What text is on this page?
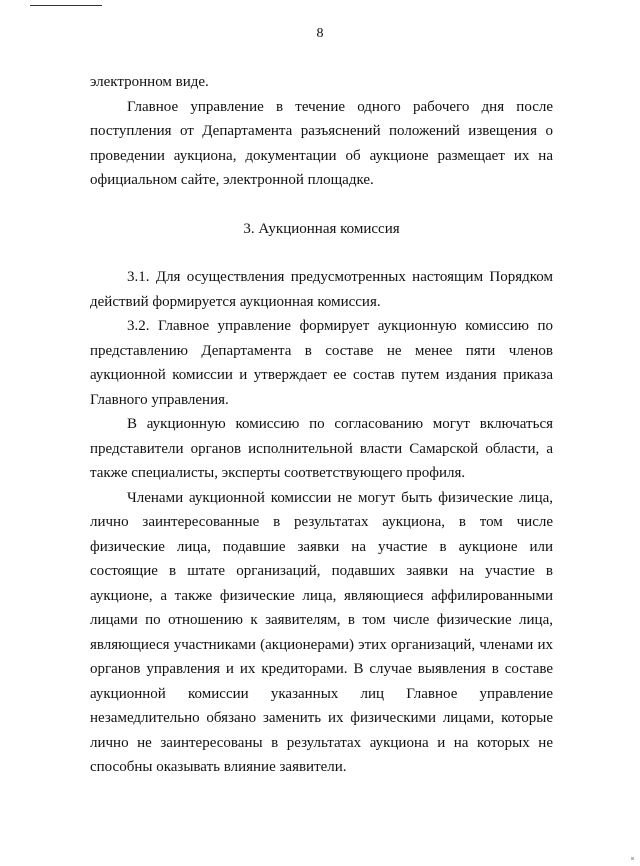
8

электронном виде.

Главное управление в течение одного рабочего дня после поступления от Департамента разъяснений положений извещения о проведении аукциона, документации об аукционе размещает их на официальном сайте, электронной площадке.

3. Аукционная комиссия

3.1. Для осуществления предусмотренных настоящим Порядком действий формируется аукционная комиссия.

3.2. Главное управление формирует аукционную комиссию по представлению Департамента в составе не менее пяти членов аукционной комиссии и утверждает ее состав путем издания приказа Главного управления.

В аукционную комиссию по согласованию могут включаться представители органов исполнительной власти Самарской области, а также специалисты, эксперты соответствующего профиля.

Членами аукционной комиссии не могут быть физические лица, лично заинтересованные в результатах аукциона, в том числе физические лица, подавшие заявки на участие в аукционе или состоящие в штате организаций, подавших заявки на участие в аукционе, а также физические лица, являющиеся аффилированными лицами по отношению к заявителям, в том числе физические лица, являющиеся участниками (акционерами) этих организаций, членами их органов управления и их кредиторами. В случае выявления в составе аукционной комиссии указанных лиц Главное управление незамедлительно обязано заменить их физическими лицами, которые лично не заинтересованы в результатах аукциона и на которых не способны оказывать влияние заявители.
